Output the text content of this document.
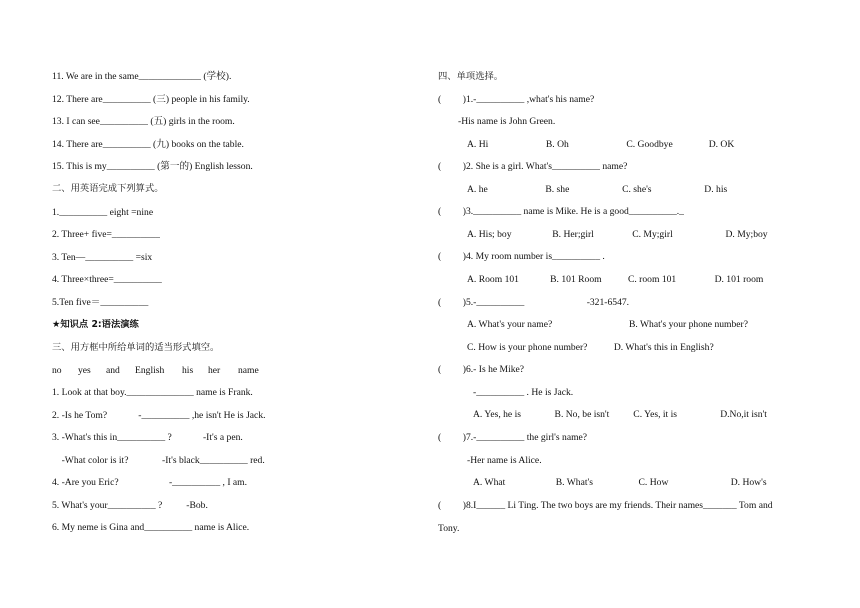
11. We are in the same_____________ (学校).
12. There are__________ (三) people in his family.
13. I can see__________ (五) girls in the room.
14. There are__________ (九) books on the table.
15. This is my__________ (第一的) English lesson.
二、用英语完成下列算式。
1.__________ eight =nine
2. Three+ five=__________
3. Ten—__________ =six
4. Three×three=__________
5.Ten five＝__________
★知识点 2:语法演练
三、用方框中所给单词的适当形式填空。
no yes and English his her name
1. Look at that boy.______________ name is Frank.
2. -Is he Tom?             -__________ ,he isn't He is Jack.
3. -What's this in__________ ?             -It's a pen.
-What color is it?              -It's black__________ red.
4. -Are you Eric?                     -__________ , I am.
5. What's your__________ ?          -Bob.
6. My neme is Gina and__________ name is Alice.
四、单项选择。
(         )1.-__________ ,what's his name?
-His name is John Green.
A. Hi                        B. Oh                        C. Goodbye               D. OK
(         )2. She is a girl. What's__________ name?
A. he                        B. she                      C. she's                      D. his
(         )3.__________ name is Mike. He is a good__________._
A. His; boy                 B. Her;girl                C. My;girl                      D. My;boy
(         )4. My room number is__________ .
A. Room 101             B. 101 Room           C. room 101                D. 101 room
(         )5.-__________                          -321-6547.
A. What's your name?                                B. What's your phone number?
C. How is your phone number?           D. What's this in English?
(         )6.- Is he Mike?
-__________ . He is Jack.
A. Yes, he is              B. No, be isn't          C. Yes, it is                  D.No,it isn't
(         )7.-__________ the girl's name?
-Her name is Alice.
A. What                     B. What's                   C. How                          D. How's
(         )8.I______ Li Ting. The two boys are my friends. Their names_______ Tom and
Tony.
